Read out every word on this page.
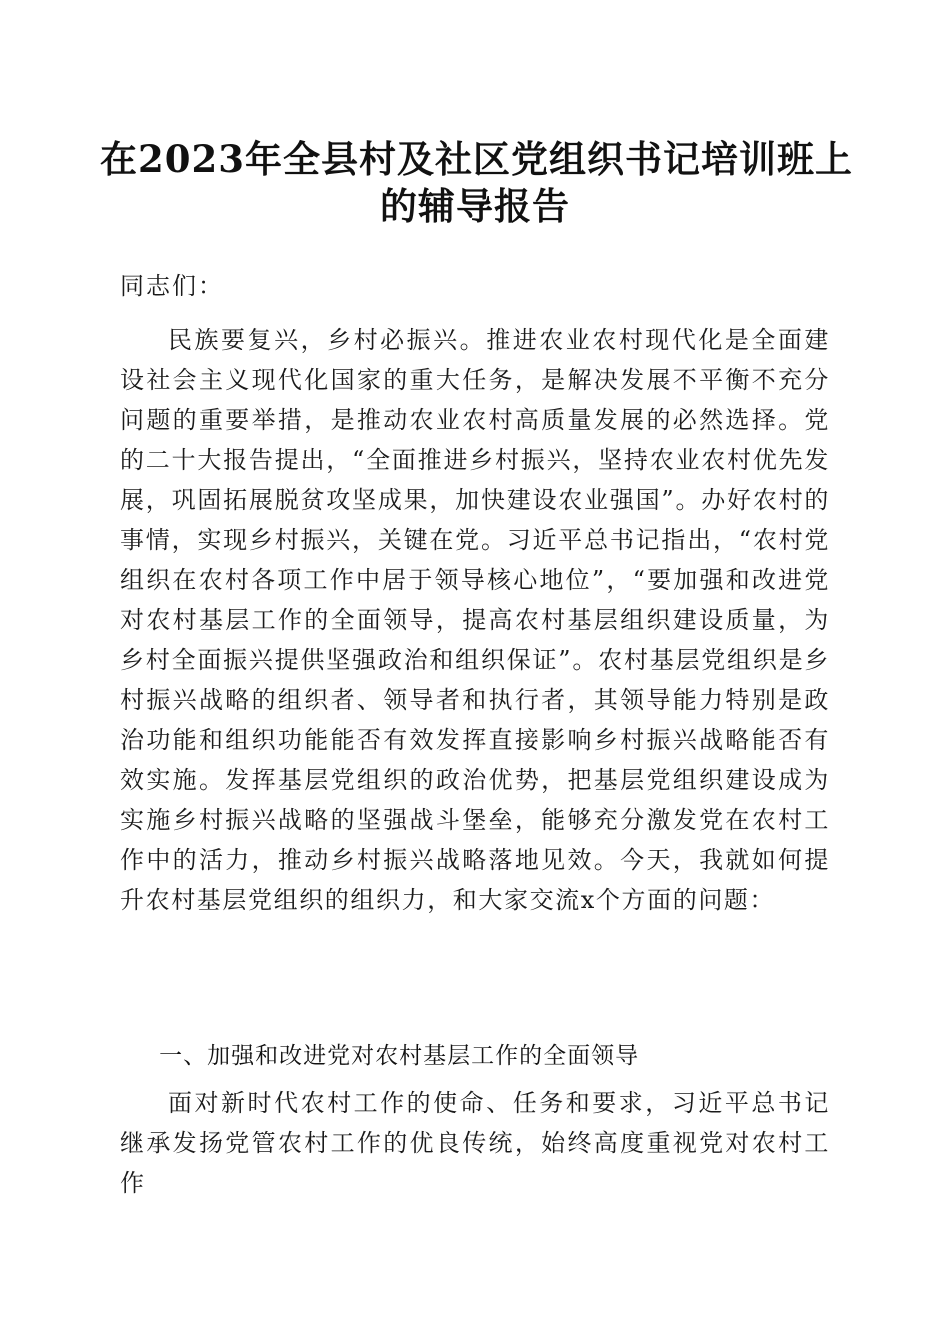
在2023年全县村及社区党组织书记培训班上
的辅导报告
同志们：

民族要复兴，乡村必振兴。推进农业农村现代化是全面建设社会主义现代化国家的重大任务，是解决发展不平衡不充分问题的重要举措，是推动农业农村高质量发展的必然选择。党的二十大报告提出，“全面推进乡村振兴，坚持农业农村优先发展，巩固拓展脱贫攻坚成果，加快建设农业强国”。办好农村的事情，实现乡村振兴，关键在党。习近平总书记指出，“农村党组织在农村各项工作中居于领导核心地位”，“要加强和改进党对农村基层工作的全面领导，提高农村基层组织建设质量，为乡村全面振兴提供坚强政治和组织保证”。农村基层党组织是乡村振兴战略的组织者、领导者和执行者，其领导能力特别是政治功能和组织功能能否有效发挥直接影响乡村振兴战略能否有效实施。发挥基层党组织的政治优势，把基层党组织建设成为实施乡村振兴战略的坚强战斗堡垒，能够充分激发党在农村工作中的活力，推动乡村振兴战略落地见效。今天，我就如何提升农村基层党组织的组织力，和大家交流x个方面的问题：

一、加强和改进党对农村基层工作的全面领导

面对新时代农村工作的使命、任务和要求，习近平总书记继承发扬党管农村工作的优良传统，始终高度重视党对农村工作
